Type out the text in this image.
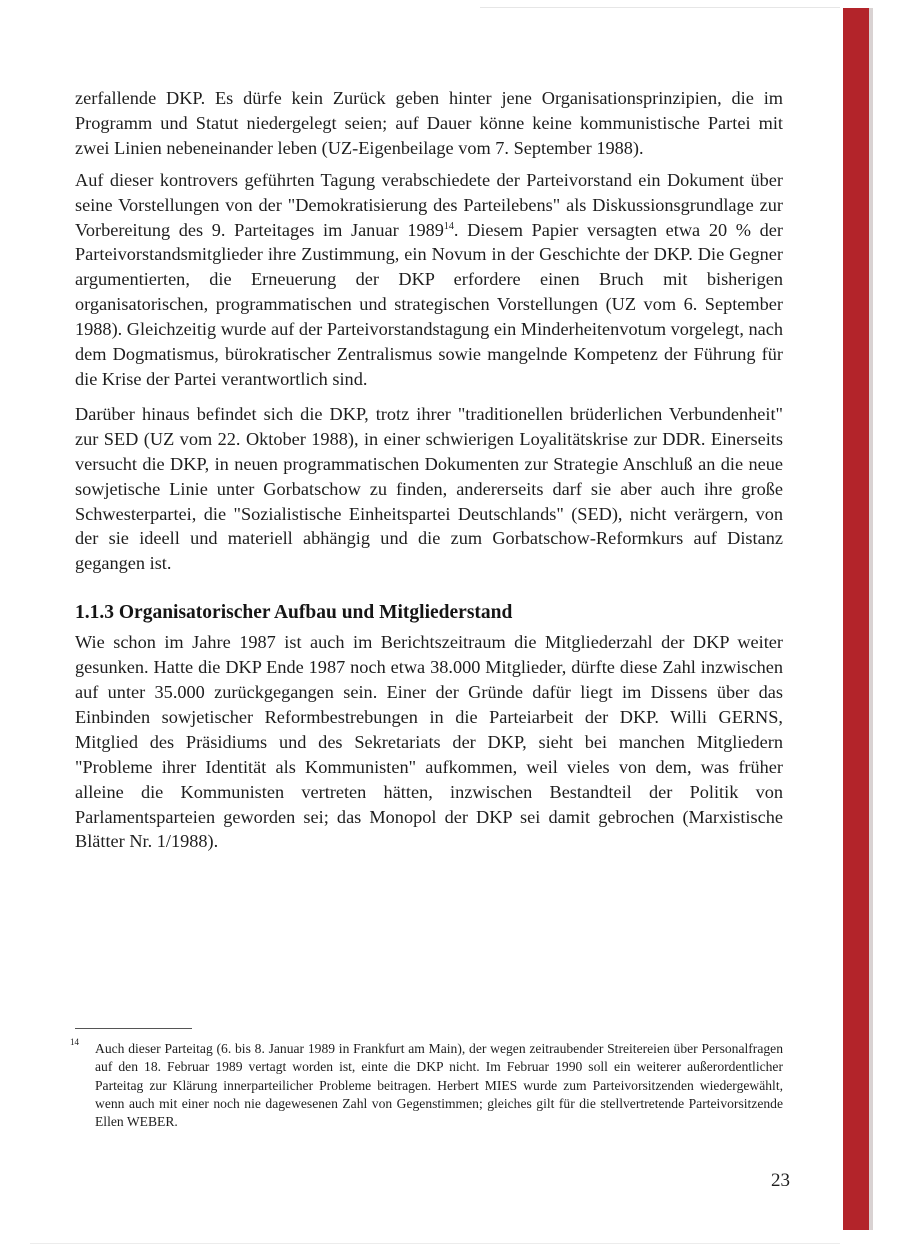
zerfallende DKP. Es dürfe kein Zurück geben hinter jene Organisationsprinzipien, die im Programm und Statut niedergelegt seien; auf Dauer könne keine kommunistische Partei mit zwei Linien nebeneinander leben (UZ-Eigenbeilage vom 7. September 1988).

Auf dieser kontrovers geführten Tagung verabschiedete der Parteivorstand ein Dokument über seine Vorstellungen von der "Demokratisierung des Parteilebens" als Diskussionsgrundlage zur Vorbereitung des 9. Parteitages im Januar 1989$^{14}$. Diesem Papier versagten etwa 20 % der Parteivorstandsmitglieder ihre Zustimmung, ein Novum in der Geschichte der DKP. Die Gegner argumentierten, die Erneuerung der DKP erfordere einen Bruch mit bisherigen organisatorischen, programmatischen und strategischen Vorstellungen (UZ vom 6. September 1988). Gleichzeitig wurde auf der Parteivorstandstagung ein Minderheitenvotum vorgelegt, nach dem Dogmatismus, bürokratischer Zentralismus sowie mangelnde Kompetenz der Führung für die Krise der Partei verantwortlich sind.

Darüber hinaus befindet sich die DKP, trotz ihrer "traditionellen brüderlichen Verbundenheit" zur SED (UZ vom 22. Oktober 1988), in einer schwierigen Loyalitätskrise zur DDR. Einerseits versucht die DKP, in neuen programmatischen Dokumenten zur Strategie Anschluß an die neue sowjetische Linie unter Gorbatschow zu finden, andererseits darf sie aber auch ihre große Schwesterpartei, die "Sozialistische Einheitspartei Deutschlands" (SED), nicht verärgern, von der sie ideell und materiell abhängig und die zum Gorbatschow-Reformkurs auf Distanz gegangen ist.

1.1.3 Organisatorischer Aufbau und Mitgliederstand

Wie schon im Jahre 1987 ist auch im Berichtszeitraum die Mitgliederzahl der DKP weiter gesunken. Hatte die DKP Ende 1987 noch etwa 38.000 Mitglieder, dürfte diese Zahl inzwischen auf unter 35.000 zurückgegangen sein. Einer der Gründe dafür liegt im Dissens über das Einbinden sowjetischer Reformbestrebungen in die Parteiarbeit der DKP. Willi GERNS, Mitglied des Präsidiums und des Sekretariats der DKP, sieht bei manchen Mitgliedern "Probleme ihrer Identität als Kommunisten" aufkommen, weil vieles von dem, was früher alleine die Kommunisten vertreten hätten, inzwischen Bestandteil der Politik von Parlamentsparteien geworden sei; das Monopol der DKP sei damit gebrochen (Marxistische Blätter Nr. 1/1988).

14 Auch dieser Parteitag (6. bis 8. Januar 1989 in Frankfurt am Main), der wegen zeitraubender Streitereien über Personalfragen auf den 18. Februar 1989 vertagt worden ist, einte die DKP nicht. Im Februar 1990 soll ein weiterer außerordentlicher Parteitag zur Klärung innerparteilicher Probleme beitragen. Herbert MIES wurde zum Parteivorsitzenden wiedergewählt, wenn auch mit einer noch nie dagewesenen Zahl von Gegenstimmen; gleiches gilt für die stellvertretende Parteivorsitzende Ellen WEBER.
23
